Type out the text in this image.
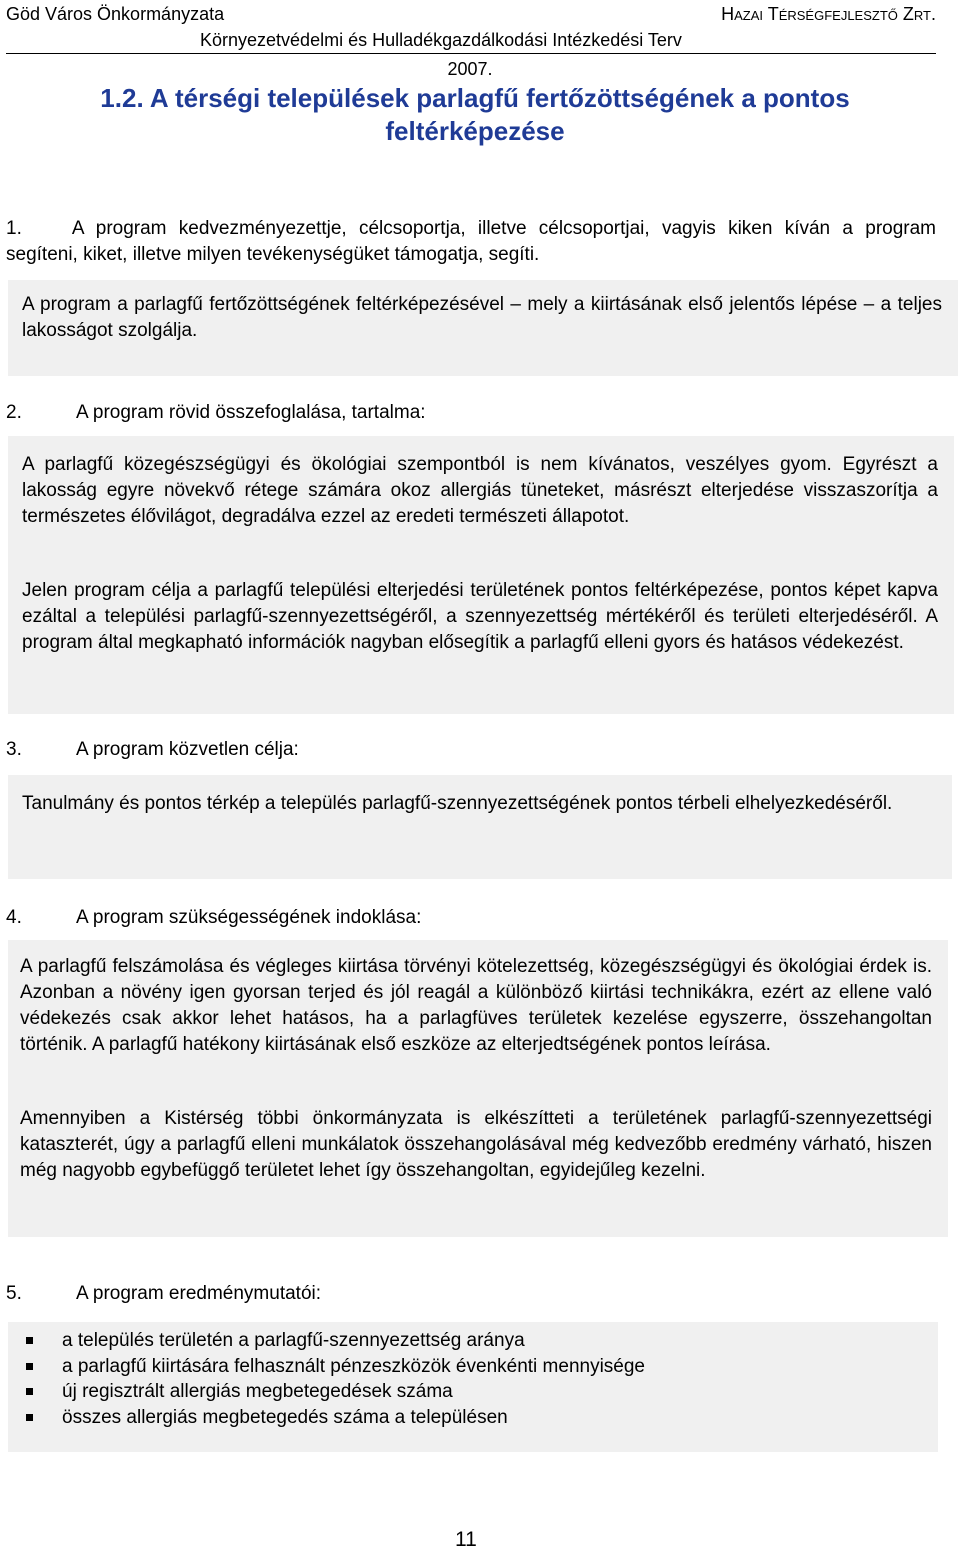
Göd Város Önkormányzata	Hazai Térségfejlesztő Zrt.
Környezetvédelmi és Hulladékgazdálkodási Intézkedési Terv
2007.
1.2. A térségi települések parlagfű fertőzöttségének a pontos feltérképezése
1.	A program kedvezményezettje, célcsoportja, illetve célcsoportjai, vagyis kiken kíván a program segíteni, kiket, illetve milyen tevékenységüket támogatja, segíti.

A program a parlagfű fertőzöttségének feltérképezésével – mely a kiirtásának első jelentős lépése – a teljes lakosságot szolgálja.

2.	A program rövid összefoglalása, tartalma:

A parlagfű közegészségügyi és ökológiai szempontból is nem kívánatos, veszélyes gyom. Egyrészt a lakosság egyre növekvő rétege számára okoz allergiás tüneteket, másrészt elterjedése visszaszorítja a természetes élővilágot, degradálva ezzel az eredeti természeti állapotot.

Jelen program célja a parlagfű települési elterjedési területének pontos feltérképezése, pontos képet kapva ezáltal a települési parlagfű-szennyezettségéről, a szennyezettség mértékéről és területi elterjedéséről. A program által megkapható információk nagyban elősegítik a parlagfű elleni gyors és hatásos védekezést.

3.	A program közvetlen célja:

Tanulmány és pontos térkép a település parlagfű-szennyezettségének pontos térbeli elhelyezkedéséről.

4.	A program szükségességének indoklása:

A parlagfű felszámolása és végleges kiirtása törvényi kötelezettség, közegészségügyi és ökológiai érdek is. Azonban a növény igen gyorsan terjed és jól reagál a különböző kiirtási technikákra, ezért az ellene való védekezés csak akkor lehet hatásos, ha a parlagfüves területek kezelése egyszerre, összehangoltan történik. A parlagfű hatékony kiirtásának első eszköze az elterjedtségének pontos leírása.

Amennyiben a Kistérség többi önkormányzata is elkészítteti a területének parlagfű-szennyezettségi kataszterét, úgy a parlagfű elleni munkálatok összehangolásával még kedvezőbb eredmény várható, hiszen még nagyobb egybefüggő területet lehet így összehangoltan, egyidejűleg kezelni.

5.	A program eredménymutatói:
a település területén a parlagfű-szennyezettség aránya
a parlagfű kiirtására felhasznált pénzeszközök évenkénti mennyisége
új regisztrált allergiás megbetegedések száma
összes allergiás megbetegedés száma a településen
11
